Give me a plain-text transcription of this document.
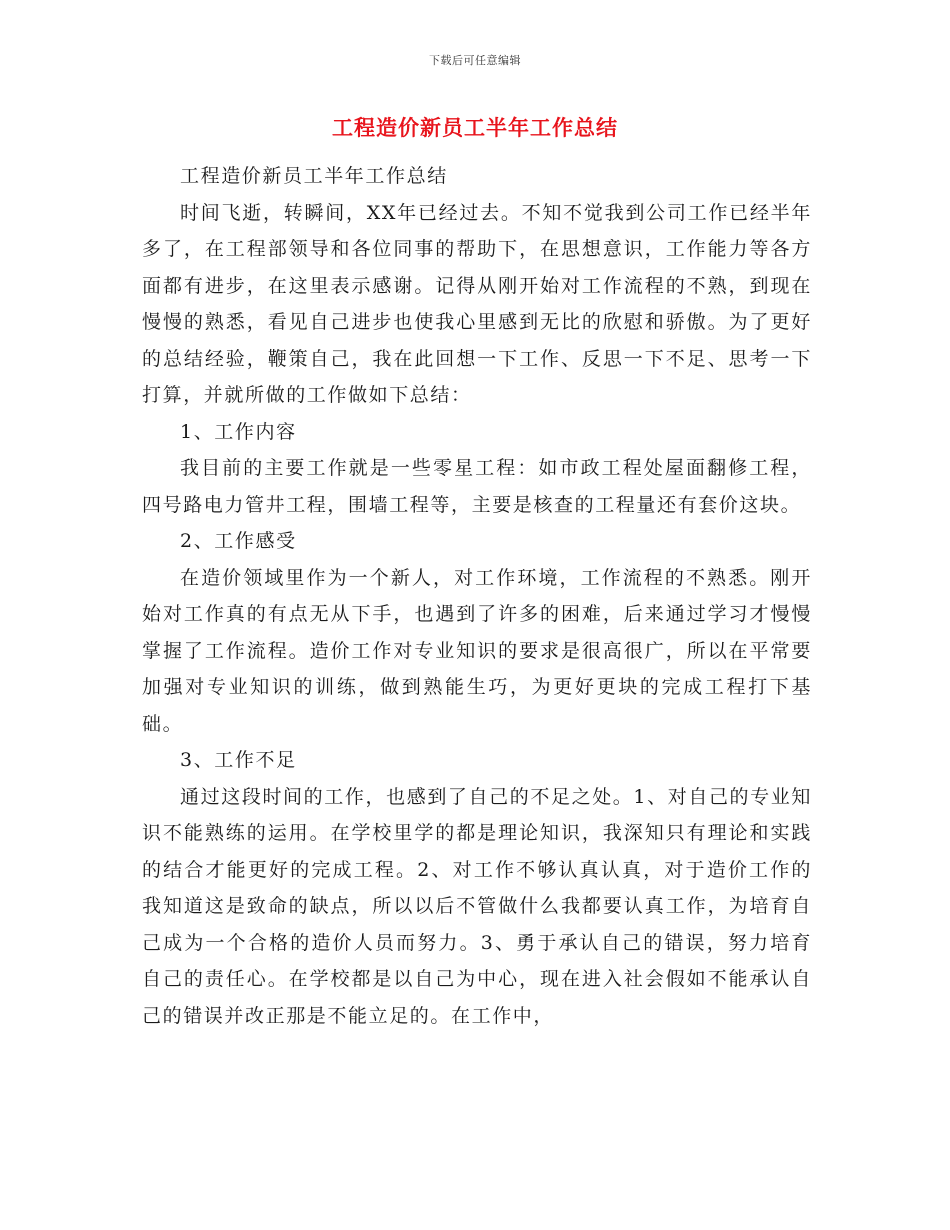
下载后可任意编辑
工程造价新员工半年工作总结

工程造价新员工半年工作总结

时间飞逝，转瞬间，XX年已经过去。不知不觉我到公司工作已经半年多了，在工程部领导和各位同事的帮助下，在思想意识，工作能力等各方面都有进步，在这里表示感谢。记得从刚开始对工作流程的不熟，到现在慢慢的熟悉，看见自己进步也使我心里感到无比的欣慰和骄傲。为了更好的总结经验，鞭策自己，我在此回想一下工作、反思一下不足、思考一下打算，并就所做的工作做如下总结：

1、工作内容

我目前的主要工作就是一些零星工程：如市政工程处屋面翻修工程，四号路电力管井工程，围墙工程等，主要是核查的工程量还有套价这块。

2、工作感受

在造价领域里作为一个新人，对工作环境，工作流程的不熟悉。刚开始对工作真的有点无从下手，也遇到了许多的困难，后来通过学习才慢慢掌握了工作流程。造价工作对专业知识的要求是很高很广，所以在平常要加强对专业知识的训练，做到熟能生巧，为更好更块的完成工程打下基础。

3、工作不足

通过这段时间的工作，也感到了自己的不足之处。1、对自己的专业知识不能熟练的运用。在学校里学的都是理论知识，我深知只有理论和实践的结合才能更好的完成工程。2、对工作不够认真认真，对于造价工作的我知道这是致命的缺点，所以以后不管做什么我都要认真工作，为培育自己成为一个合格的造价人员而努力。3、勇于承认自己的错误，努力培育自己的责任心。在学校都是以自己为中心，现在进入社会假如不能承认自己的错误并改正那是不能立足的。在工作中，
